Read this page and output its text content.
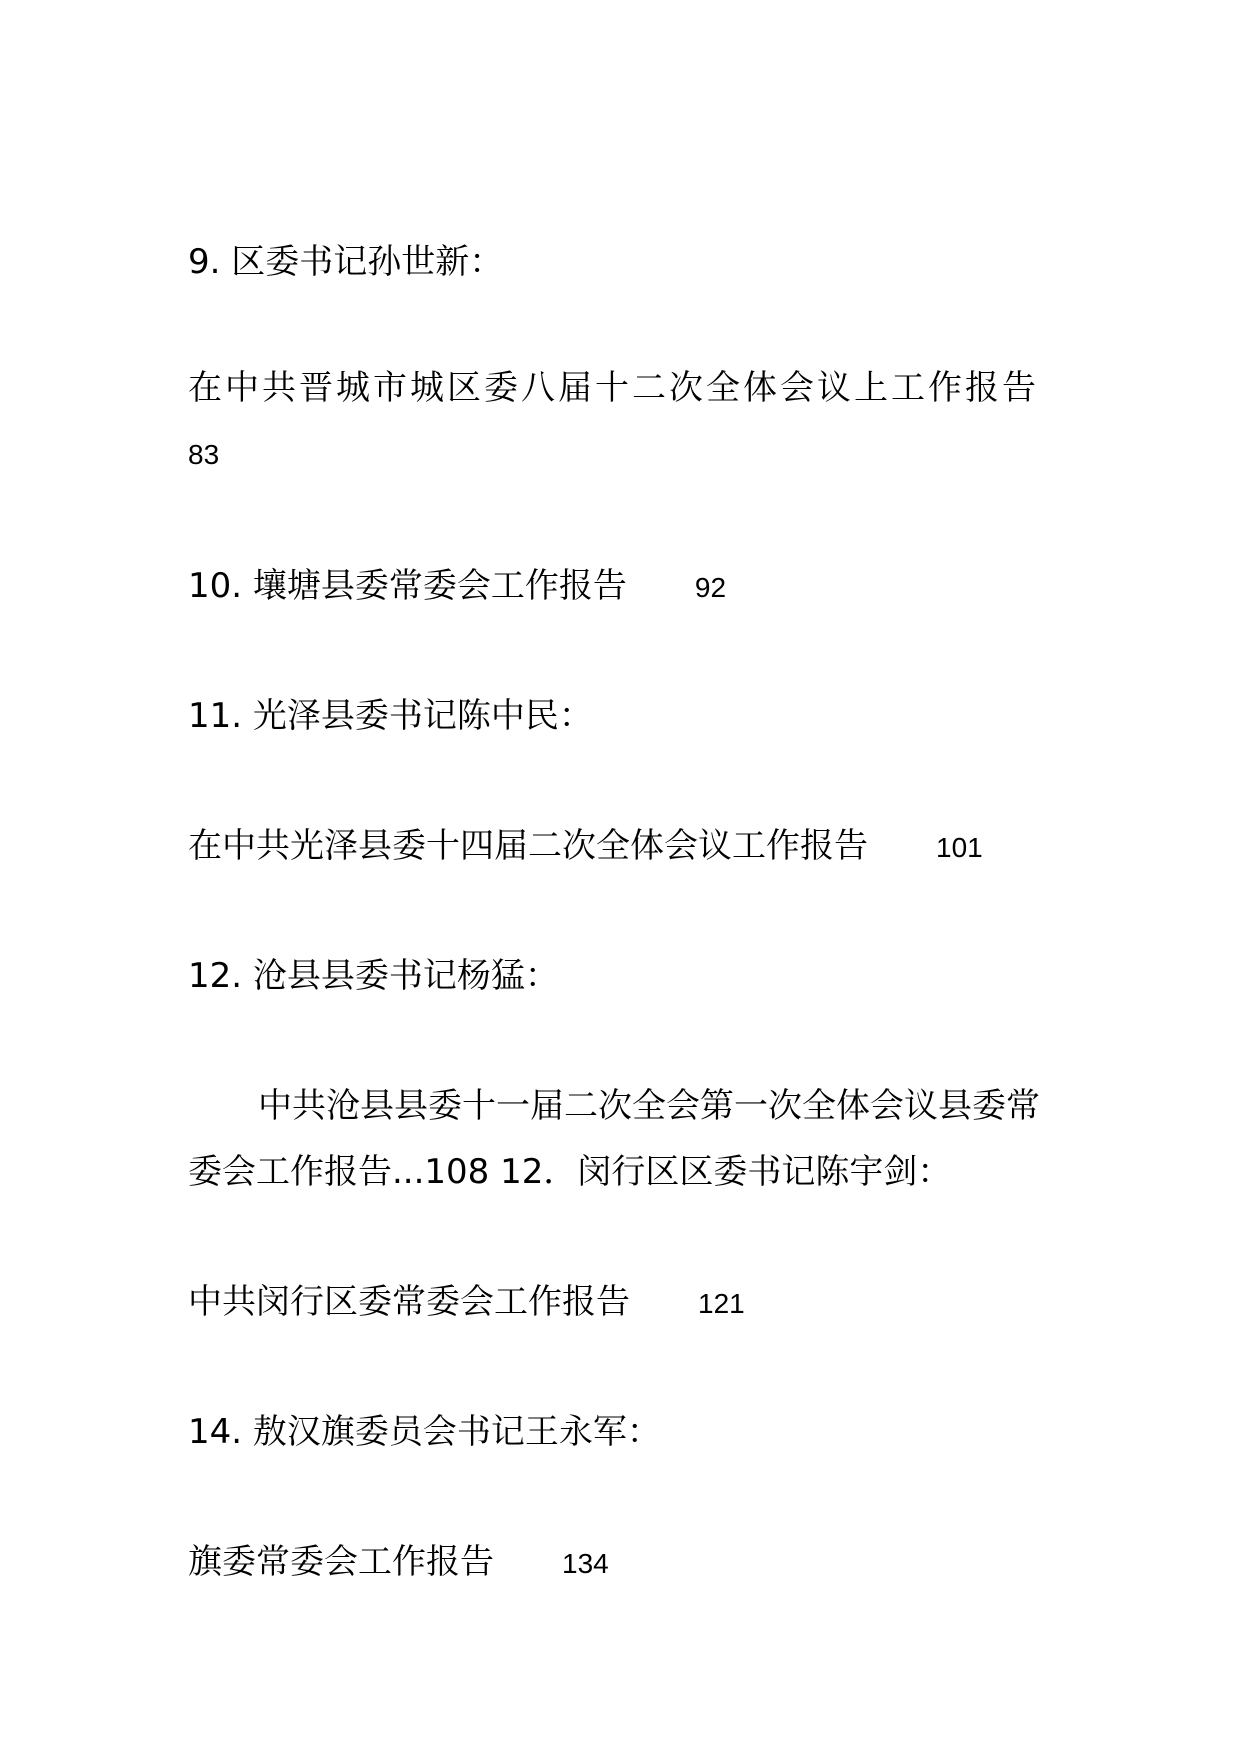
9. 区委书记孙世新：
在中共晋城市城区委八届十二次全体会议上工作报告
83
10. 壤塘县委常委会工作报告 92
11. 光泽县委书记陈中民：
在中共光泽县委十四届二次全体会议工作报告 101
12. 沧县县委书记杨猛：
中共沧县县委十一届二次全会第一次全体会议县委常
委会工作报告...108 12．闵行区区委书记陈宇剑：
中共闵行区委常委会工作报告 121
14. 敖汉旗委员会书记王永军：
旗委常委会工作报告 134
